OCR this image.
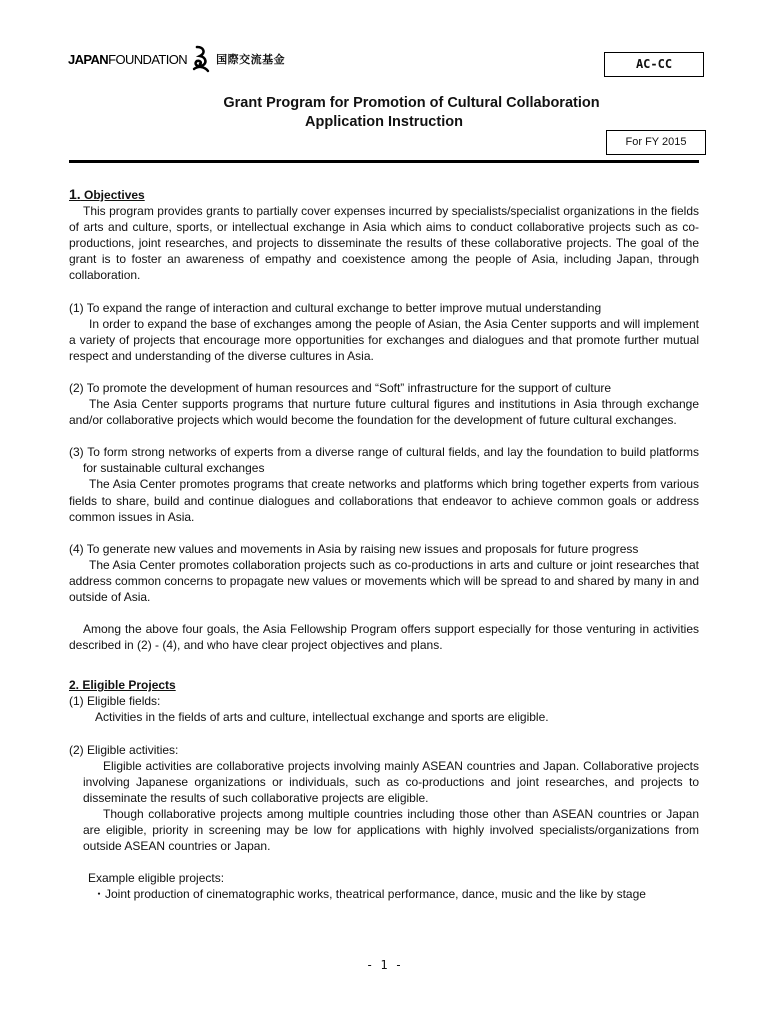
JAPANFOUNDATION	国際交流基金	AC-CC
Grant Program for Promotion of Cultural Collaboration
Application Instruction
For FY 2015

1. Objectives

This program provides grants to partially cover expenses incurred by specialists/specialist organizations in the fields of arts and culture, sports, or intellectual exchange in Asia which aims to conduct collaborative projects such as co-productions, joint researches, and projects to disseminate the results of these collaborative projects. The goal of the grant is to foster an awareness of empathy and coexistence among the people of Asia, including Japan, through collaboration.

(1) To expand the range of interaction and cultural exchange to better improve mutual understanding

In order to expand the base of exchanges among the people of Asian, the Asia Center supports and will implement a variety of projects that encourage more opportunities for exchanges and dialogues and that promote further mutual respect and understanding of the diverse cultures in Asia.

(2) To promote the development of human resources and “Soft” infrastructure for the support of culture

The Asia Center supports programs that nurture future cultural figures and institutions in Asia through exchange and/or collaborative projects which would become the foundation for the development of future cultural exchanges.

(3) To form strong networks of experts from a diverse range of cultural fields, and lay the foundation to build platforms for sustainable cultural exchanges

The Asia Center promotes programs that create networks and platforms which bring together experts from various fields to share, build and continue dialogues and collaborations that endeavor to achieve common goals or address common issues in Asia.

(4) To generate new values and movements in Asia by raising new issues and proposals for future progress

The Asia Center promotes collaboration projects such as co-productions in arts and culture or joint researches that address common concerns to propagate new values or movements which will be spread to and shared by many in and outside of Asia.

Among the above four goals, the Asia Fellowship Program offers support especially for those venturing in activities described in (2) - (4), and who have clear project objectives and plans.

2. Eligible Projects

(1) Eligible fields:

Activities in the fields of arts and culture, intellectual exchange and sports are eligible.

(2) Eligible activities:

Eligible activities are collaborative projects involving mainly ASEAN countries and Japan. Collaborative projects involving Japanese organizations or individuals, such as co-productions and joint researches, and projects to disseminate the results of such collaborative projects are eligible.

Though collaborative projects among multiple countries including those other than ASEAN countries or Japan are eligible, priority in screening may be low for applications with highly involved specialists/organizations from outside ASEAN countries or Japan.

Example eligible projects:

・Joint production of cinematographic works, theatrical performance, dance, music and the like by stage

- 1 -
